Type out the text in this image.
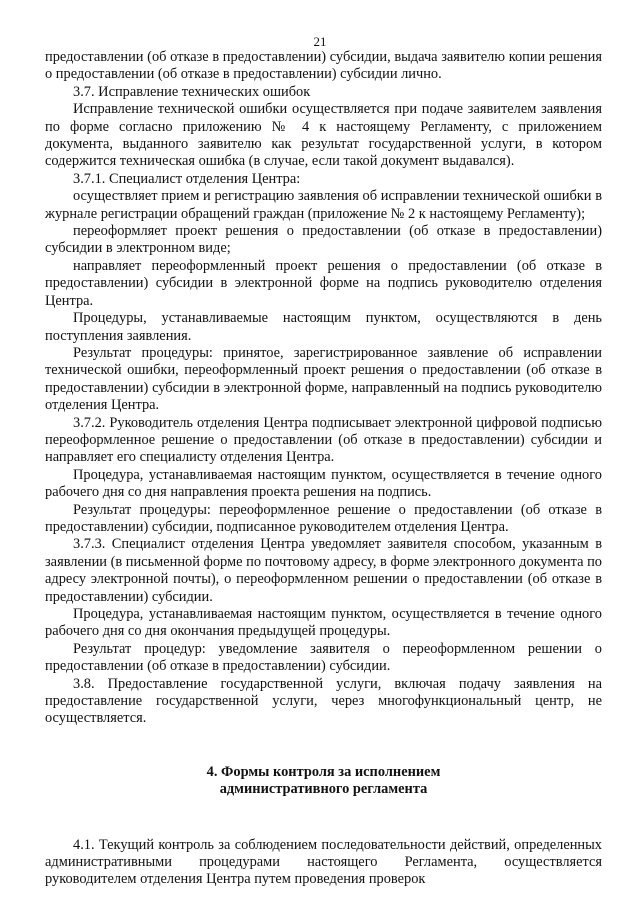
21

предоставлении (об отказе в предоставлении) субсидии, выдача заявителю копии решения о предоставлении (об отказе в предоставлении) субсидии лично.

3.7. Исправление технических ошибок

Исправление технической ошибки осуществляется при подаче заявителем заявления по форме согласно приложению № 4 к настоящему Регламенту, с приложением документа, выданного заявителю как результат государственной услуги, в котором содержится техническая ошибка (в случае, если такой документ выдавался).

3.7.1. Специалист отделения Центра:

осуществляет прием и регистрацию заявления об исправлении технической ошибки в журнале регистрации обращений граждан (приложение № 2 к настоящему Регламенту);

переоформляет проект решения о предоставлении (об отказе в предоставлении) субсидии в электронном виде;

направляет переоформленный проект решения о предоставлении (об отказе в предоставлении) субсидии в электронной форме на подпись руководителю отделения Центра.

Процедуры, устанавливаемые настоящим пунктом, осуществляются в день поступления заявления.

Результат процедуры: принятое, зарегистрированное заявление об исправлении технической ошибки, переоформленный проект решения о предоставлении (об отказе в предоставлении) субсидии в электронной форме, направленный на подпись руководителю отделения Центра.

3.7.2. Руководитель отделения Центра подписывает электронной цифровой подписью переоформленное решение о предоставлении (об отказе в предоставлении) субсидии и направляет его специалисту отделения Центра.

Процедура, устанавливаемая настоящим пунктом, осуществляется в течение одного рабочего дня со дня направления проекта решения на подпись.

Результат процедуры: переоформленное решение о предоставлении (об отказе в предоставлении) субсидии, подписанное руководителем отделения Центра.

3.7.3. Специалист отделения Центра уведомляет заявителя способом, указанным в заявлении (в письменной форме по почтовому адресу, в форме электронного документа по адресу электронной почты), о переоформленном решении о предоставлении (об отказе в предоставлении) субсидии.

Процедура, устанавливаемая настоящим пунктом, осуществляется в течение одного рабочего дня со дня окончания предыдущей процедуры.

Результат процедур: уведомление заявителя о переоформленном решении о предоставлении (об отказе в предоставлении) субсидии.

3.8. Предоставление государственной услуги, включая подачу заявления на предоставление государственной услуги, через многофункциональный центр, не осуществляется.

4. Формы контроля за исполнением
административного регламента

4.1. Текущий контроль за соблюдением последовательности действий, определенных административными процедурами настоящего Регламента, осуществляется руководителем отделения Центра путем проведения проверок
